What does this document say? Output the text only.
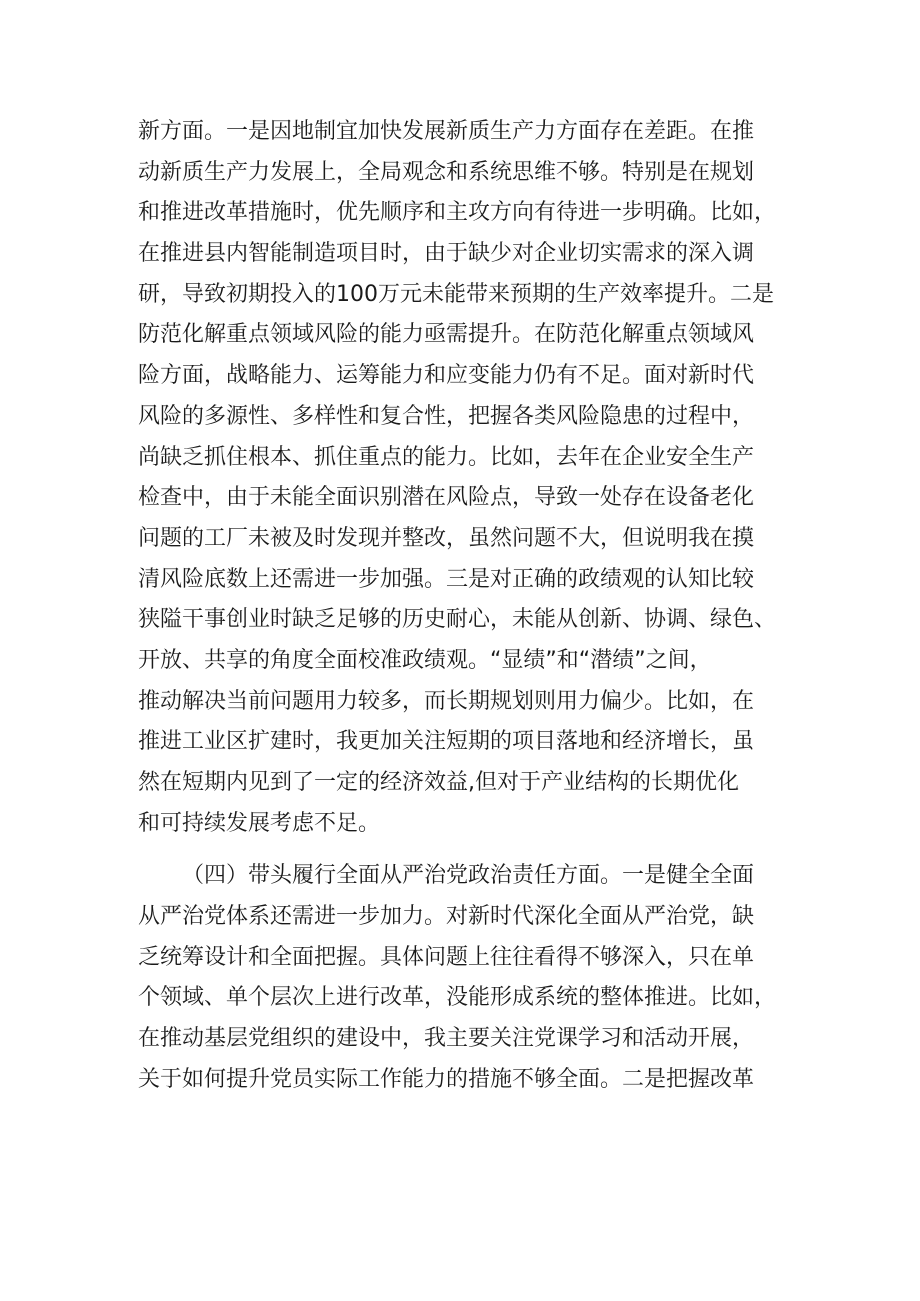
新方面。一是因地制宜加快发展新质生产力方面存在差距。在推
动新质生产力发展上，全局观念和系统思维不够。特别是在规划
和推进改革措施时，优先顺序和主攻方向有待进一步明确。比如，
在推进县内智能制造项目时，由于缺少对企业切实需求的深入调
研，导致初期投入的100万元未能带来预期的生产效率提升。二是
防范化解重点领域风险的能力亟需提升。在防范化解重点领域风
险方面，战略能力、运筹能力和应变能力仍有不足。面对新时代
风险的多源性、多样性和复合性，把握各类风险隐患的过程中，
尚缺乏抓住根本、抓住重点的能力。比如，去年在企业安全生产
检查中，由于未能全面识别潜在风险点，导致一处存在设备老化
问题的工厂未被及时发现并整改，虽然问题不大，但说明我在摸
清风险底数上还需进一步加强。三是对正确的政绩观的认知比较
狭隘干事创业时缺乏足够的历史耐心，未能从创新、协调、绿色、
开放、共享的角度全面校准政绩观。“显绩”和“潜绩”之间，
推动解决当前问题用力较多，而长期规划则用力偏少。比如，在
推进工业区扩建时，我更加关注短期的项目落地和经济增长，虽
然在短期内见到了一定的经济效益,但对于产业结构的长期优化
和可持续发展考虑不足。
（四）带头履行全面从严治党政治责任方面。一是健全全面
从严治党体系还需进一步加力。对新时代深化全面从严治党，缺
乏统筹设计和全面把握。具体问题上往往看得不够深入，只在单
个领域、单个层次上进行改革，没能形成系统的整体推进。比如，
在推动基层党组织的建设中，我主要关注党课学习和活动开展，
关于如何提升党员实际工作能力的措施不够全面。二是把握改革
